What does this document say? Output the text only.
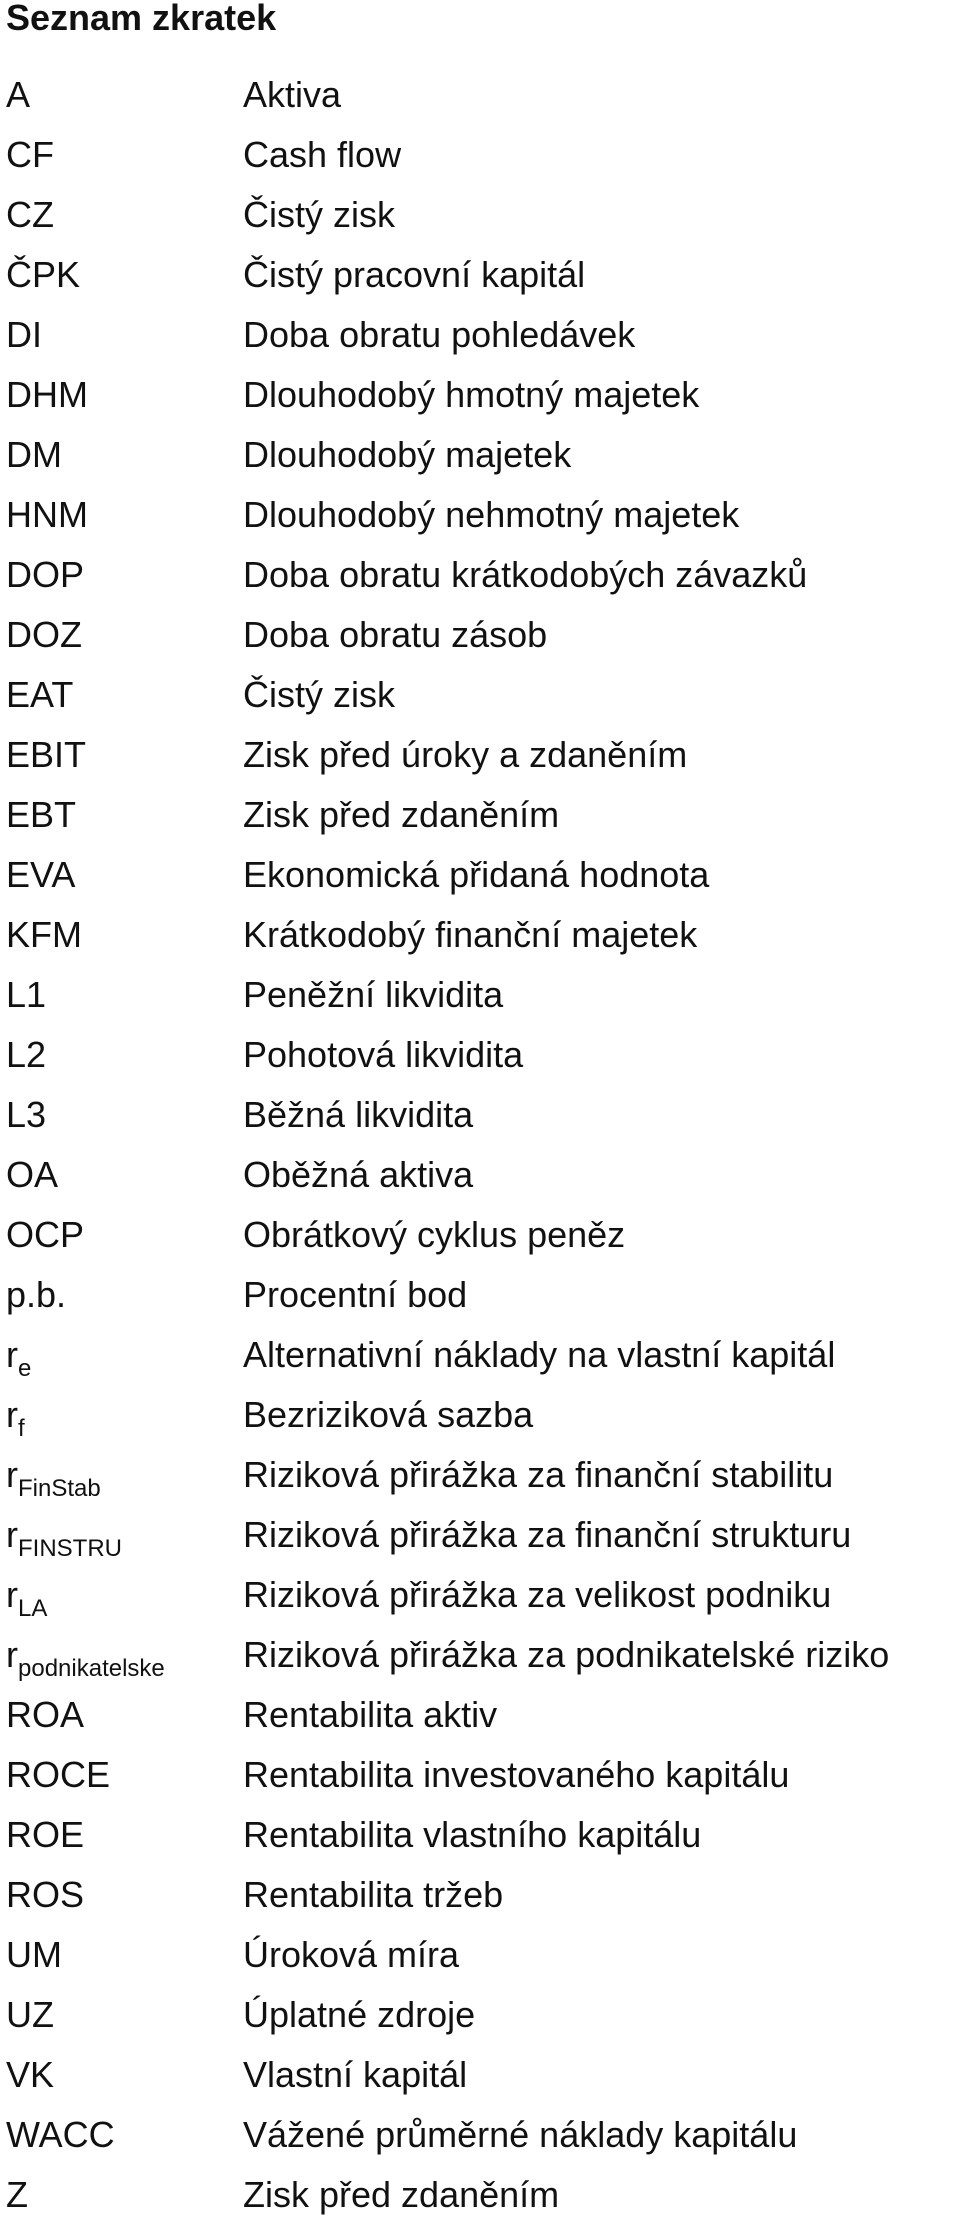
Seznam zkratek
A	Aktiva
CF	Cash flow
CZ	Čistý zisk
ČPK	Čistý pracovní kapitál
DI	Doba obratu pohledávek
DHM	Dlouhodobý hmotný majetek
DM	Dlouhodobý majetek
HNM	Dlouhodobý nehmotný majetek
DOP	Doba obratu krátkodobých závazků
DOZ	Doba obratu zásob
EAT	Čistý zisk
EBIT	Zisk před úroky a zdaněním
EBT	Zisk před zdaněním
EVA	Ekonomická přidaná hodnota
KFM	Krátkodobý finanční majetek
L1	Peněžní likvidita
L2	Pohotová likvidita
L3	Běžná likvidita
OA	Oběžná aktiva
OCP	Obrátkový cyklus peněz
p.b.	Procentní bod
$r_e$	Alternativní náklady na vlastní kapitál
$r_f$	Bezriziková sazba
$r_{FinStab}$	Riziková přirážka za finanční stabilitu
$r_{FINSTRU}$	Riziková přirážka za finanční strukturu
$r_{LA}$	Riziková přirážka za velikost podniku
$r_{podnikatelske}$ Riziková přirážka za podnikatelské riziko
ROA	Rentabilita aktiv
ROCE	Rentabilita investovaného kapitálu
ROE	Rentabilita vlastního kapitálu
ROS	Rentabilita tržeb
UM	Úroková míra
UZ	Úplatné zdroje
VK	Vlastní kapitál
WACC	Vážené průměrné náklady kapitálu
Z	Zisk před zdaněním
